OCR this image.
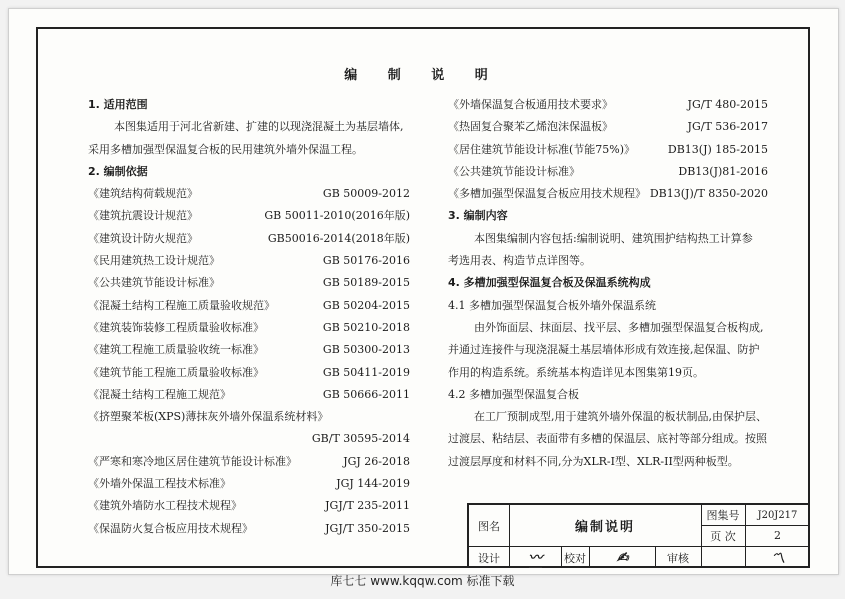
编 制 说 明
1. 适用范围
本图集适用于河北省新建、扩建的以现浇混凝土为基层墙体,
采用多槽加强型保温复合板的民用建筑外墙外保温工程。
2. 编制依据
《建筑结构荷载规范》	GB 50009-2012
《建筑抗震设计规范》	GB 50011-2010(2016年版)
《建筑设计防火规范》	GB50016-2014(2018年版)
《民用建筑热工设计规范》	GB 50176-2016
《公共建筑节能设计标准》	GB 50189-2015
《混凝土结构工程施工质量验收规范》	GB 50204-2015
《建筑装饰装修工程质量验收标准》	GB 50210-2018
《建筑工程施工质量验收统一标准》	GB 50300-2013
《建筑节能工程施工质量验收标准》	GB 50411-2019
《混凝土结构工程施工规范》	GB 50666-2011
《挤塑聚苯板(XPS)薄抹灰外墙外保温系统材料》
GB/T 30595-2014
《严寒和寒冷地区居住建筑节能设计标准》	JGJ 26-2018
《外墙外保温工程技术标准》	JGJ 144-2019
《建筑外墙防水工程技术规程》	JGJ/T 235-2011
《保温防火复合板应用技术规程》	JGJ/T 350-2015
《外墙保温复合板通用技术要求》	JG/T 480-2015
《热固复合聚苯乙烯泡沫保温板》	JG/T 536-2017
《居住建筑节能设计标准(节能75%)》	DB13(J) 185-2015
《公共建筑节能设计标准》	DB13(J)81-2016
《多槽加强型保温复合板应用技术规程》 DB13(J)/T 8350-2020
3. 编制内容
本图集编制内容包括:编制说明、建筑围护结构热工计算参
考选用表、构造节点详图等。
4. 多槽加强型保温复合板及保温系统构成
4.1 多槽加强型保温复合板外墙外保温系统
由外饰面层、抹面层、找平层、多槽加强型保温复合板构成,
并通过连接件与现浇混凝土基层墙体形成有效连接,起保温、防护
作用的构造系统。系统基本构造详见本图集第19页。
4.2 多槽加强型保温复合板
在工厂预制成型,用于建筑外墙外保温的板状制品,由保护层、
过渡层、粘结层、表面带有多槽的保温层、底衬等部分组成。按照
过渡层厚度和材料不同,分为XLR-I型、XLR-II型两种板型。
图名	编制说明
图集号	J20J217
页 次	2
设计	〰︎ 校对 ✍︎	审核	〽︎
库七七 www.kqqw.com 标准下载
